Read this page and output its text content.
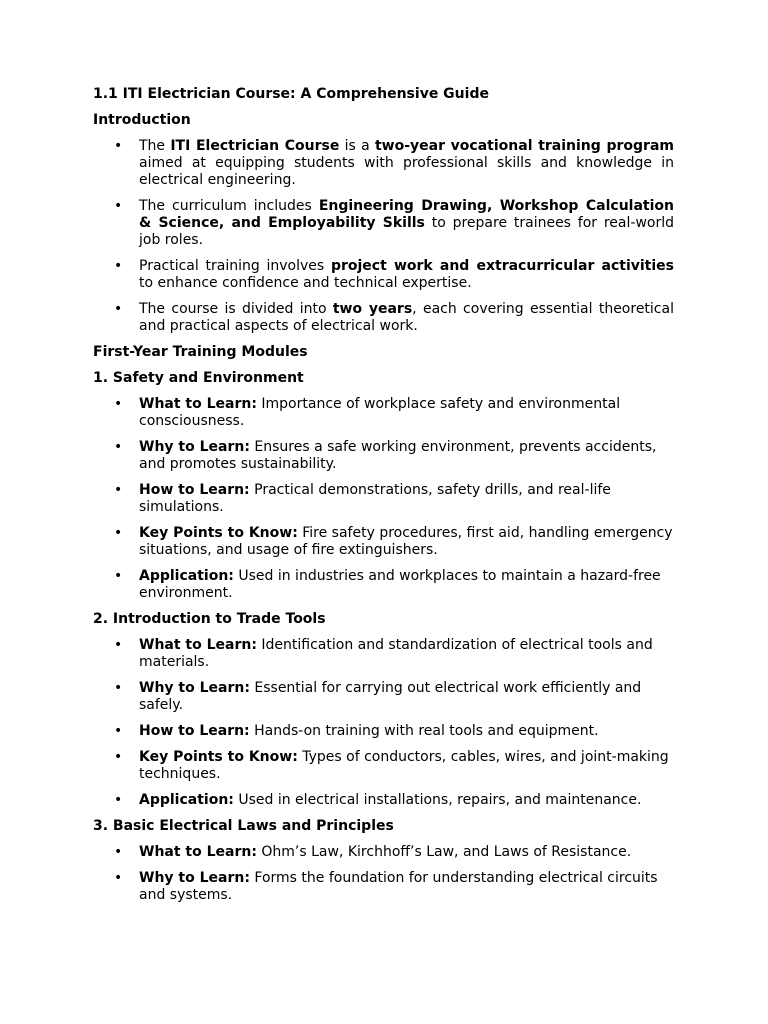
1.1 ITI Electrician Course: A Comprehensive Guide

Introduction

• The ITI Electrician Course is a two-year vocational training program aimed at equipping students with professional skills and knowledge in electrical engineering.
• The curriculum includes Engineering Drawing, Workshop Calculation & Science, and Employability Skills to prepare trainees for real-world job roles.
• Practical training involves project work and extracurricular activities to enhance confidence and technical expertise.
• The course is divided into two years, each covering essential theoretical and practical aspects of electrical work.

First-Year Training Modules

1. Safety and Environment

• What to Learn: Importance of workplace safety and environmental consciousness.
• Why to Learn: Ensures a safe working environment, prevents accidents, and promotes sustainability.
• How to Learn: Practical demonstrations, safety drills, and real-life simulations.
• Key Points to Know: Fire safety procedures, first aid, handling emergency situations, and usage of fire extinguishers.
• Application: Used in industries and workplaces to maintain a hazard-free environment.

2. Introduction to Trade Tools

• What to Learn: Identification and standardization of electrical tools and materials.
• Why to Learn: Essential for carrying out electrical work efficiently and safely.
• How to Learn: Hands-on training with real tools and equipment.
• Key Points to Know: Types of conductors, cables, wires, and joint-making techniques.
• Application: Used in electrical installations, repairs, and maintenance.

3. Basic Electrical Laws and Principles

• What to Learn: Ohm’s Law, Kirchhoff’s Law, and Laws of Resistance.
• Why to Learn: Forms the foundation for understanding electrical circuits and systems.
